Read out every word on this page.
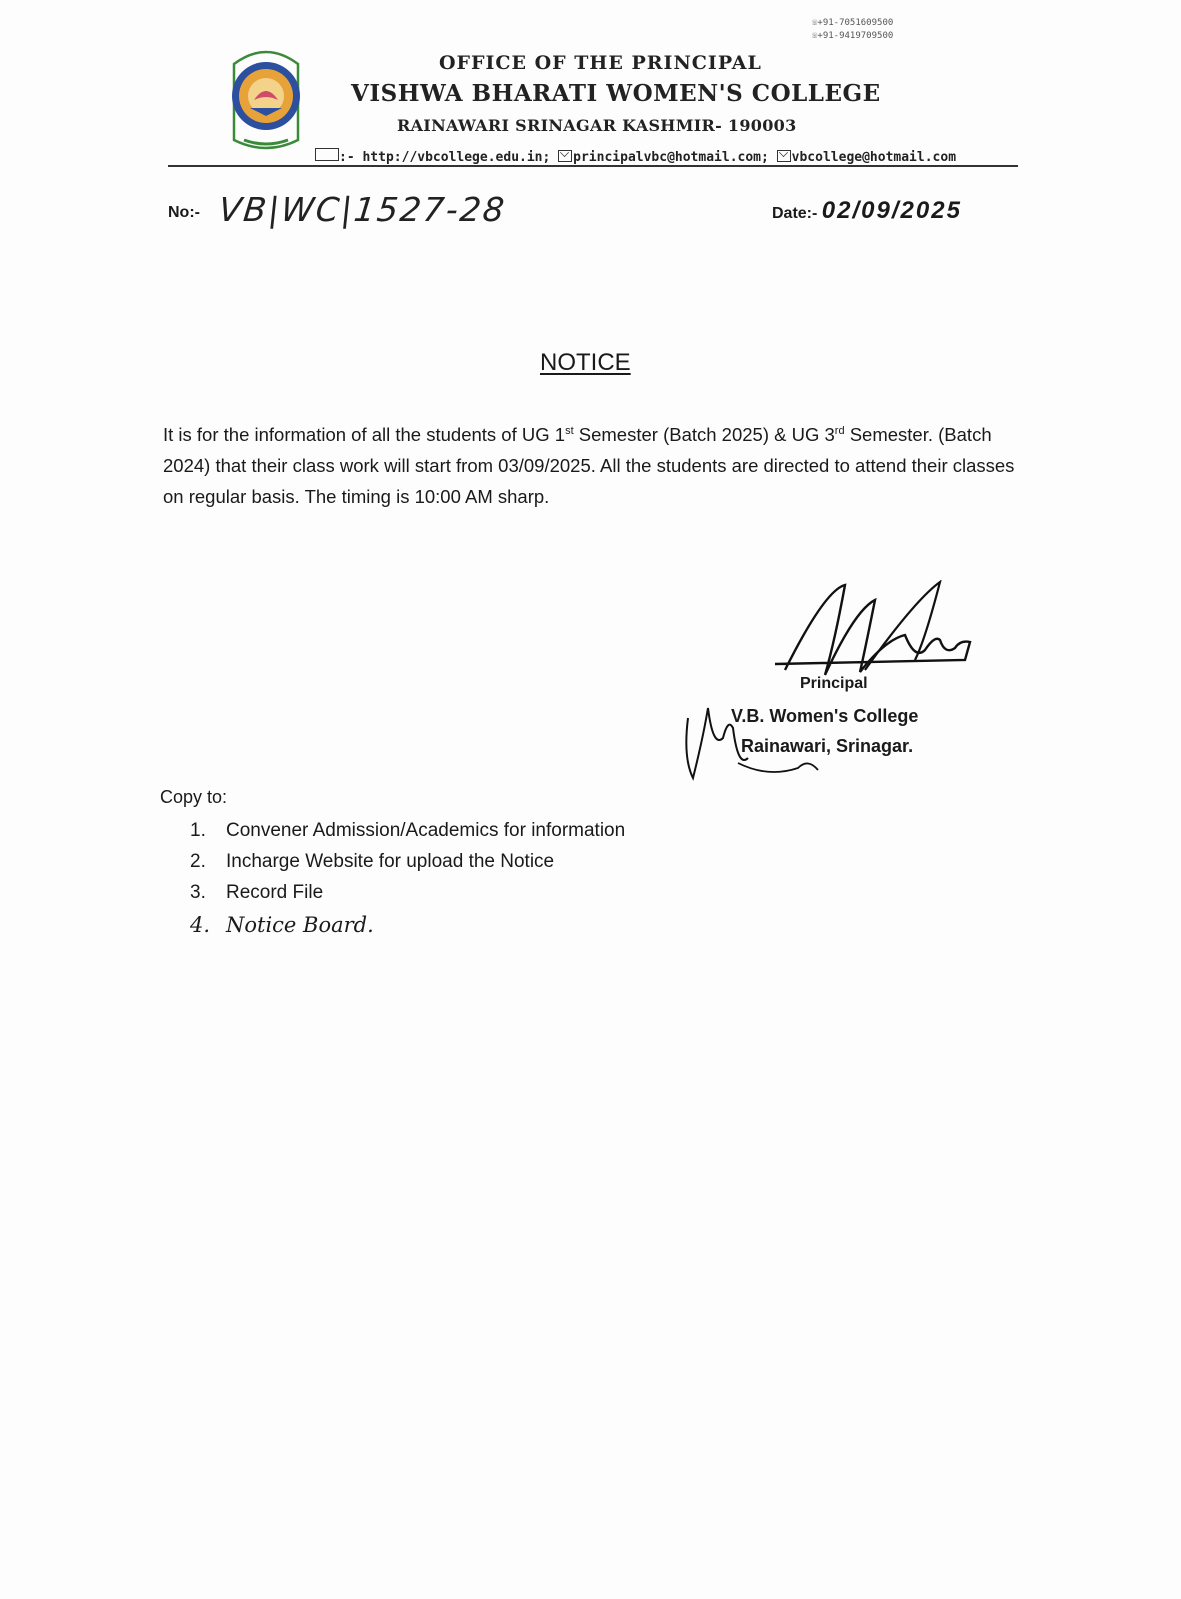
☏+91-7051609500
☏+91-9419709500
OFFICE OF THE PRINCIPAL
VISHWA BHARATI WOMEN'S COLLEGE
RAINAWARI SRINAGAR KASHMIR- 190003
:- http://vbcollege.edu.in; principalvbc@hotmail.com; vbcollege@hotmail.com
No:- VB|WC|1527-28	Date:- 02/09/2025
NOTICE
It is for the information of all the students of UG 1st Semester (Batch 2025) & UG 3rd Semester. (Batch 2024) that their class work will start from 03/09/2025. All the students are directed to attend their classes on regular basis. The timing is 10:00 AM sharp.
Principal
V.B. Women's College
Rainawari, Srinagar.
Copy to:
1. Convener Admission/Academics for information
2. Incharge Website for upload the Notice
3. Record File
4. Notice Board.
